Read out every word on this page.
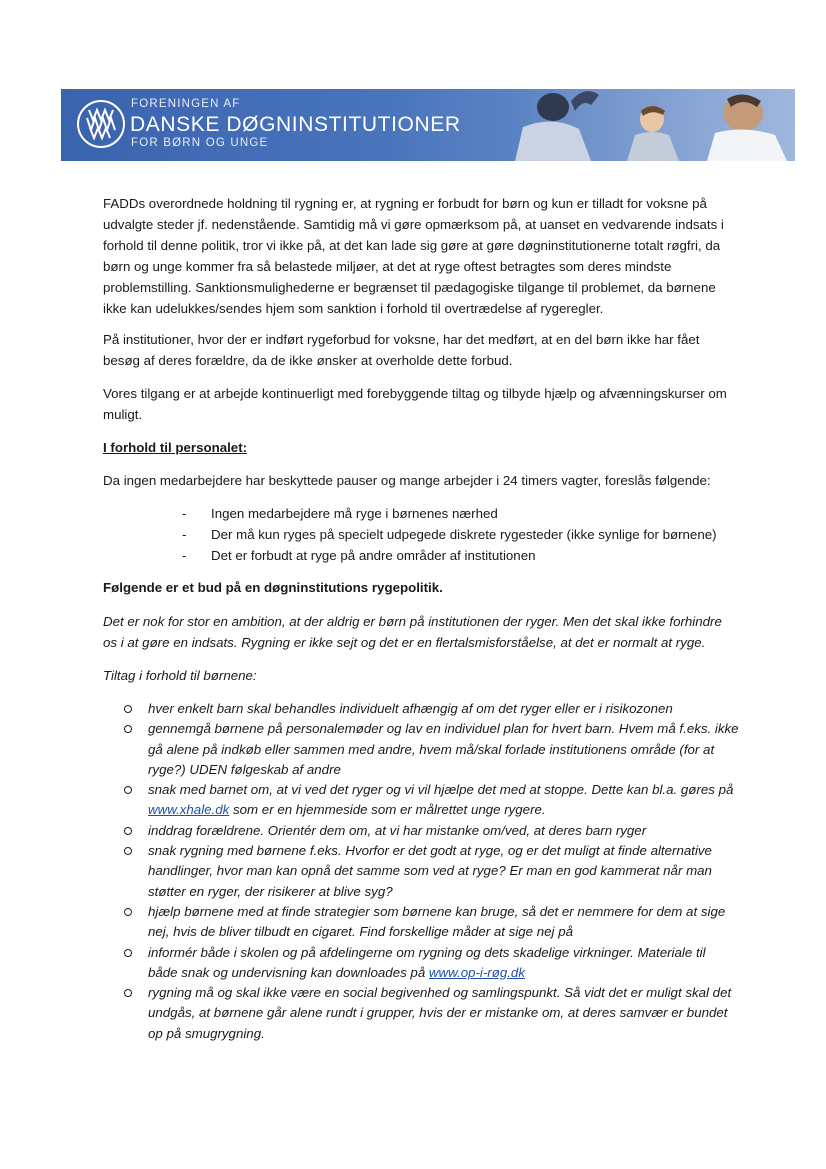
FORENINGEN AF
DANSKE DØGNINSTITUTIONER
FOR BØRN OG UNGE

FADDs overordnede holdning til rygning er, at rygning er forbudt for børn og kun er tilladt for voksne på

udvalgte steder jf. nedenstående. Samtidig må vi gøre opmærksom på, at uanset en vedvarende indsats i

forhold til denne politik, tror vi ikke på, at det kan lade sig gøre at gøre døgninstitutionerne totalt røgfri, da

børn og unge kommer fra så belastede miljøer, at det at ryge oftest betragtes som deres mindste

problemstilling. Sanktionsmulighederne er begrænset til pædagogiske tilgange til problemet, da børnene

ikke kan udelukkes/sendes hjem som sanktion i forhold til overtrædelse af rygeregler.

På institutioner, hvor der er indført rygeforbud for voksne, har det medført, at en del børn ikke har fået

besøg af deres forældre, da de ikke ønsker at overholde dette forbud.

Vores tilgang er at arbejde kontinuerligt med forebyggende tiltag og tilbyde hjælp og afvænningskurser om

muligt.

I forhold til personalet:

Da ingen medarbejdere har beskyttede pauser og mange arbejder i 24 timers vagter, foreslås følgende:

- Ingen medarbejdere må ryge i børnenes nærhed
- Der må kun ryges på specielt udpegede diskrete rygesteder (ikke synlige for børnene)
- Det er forbudt at ryge på andre områder af institutionen

Følgende er et bud på en døgninstitutions rygepolitik.

Det er nok for stor en ambition, at der aldrig er børn på institutionen der ryger. Men det skal ikke forhindre

os i at gøre en indsats. Rygning er ikke sejt og det er en flertalsmisforståelse, at det er normalt at ryge.

Tiltag i forhold til børnene:

hver enkelt barn skal behandles individuelt afhængig af om det ryger eller er i risikozonen
gennemgå børnene på personalemøder og lav en individuel plan for hvert barn. Hvem må f.eks. ikke
gå alene på indkøb eller sammen med andre, hvem må/skal forlade institutionens område (for at
ryge?) UDEN følgeskab af andre
snak med barnet om, at vi ved det ryger og vi vil hjælpe det med at stoppe. Dette kan bl.a. gøres på
www.xhale.dk som er en hjemmeside som er målrettet unge rygere.
inddrag forældrene. Orientér dem om, at vi har mistanke om/ved, at deres barn ryger
snak rygning med børnene f.eks. Hvorfor er det godt at ryge, og er det muligt at finde alternative
handlinger, hvor man kan opnå det samme som ved at ryge? Er man en god kammerat når man
støtter en ryger, der risikerer at blive syg?
hjælp børnene med at finde strategier som børnene kan bruge, så det er nemmere for dem at sige
nej, hvis de bliver tilbudt en cigaret. Find forskellige måder at sige nej på
informér både i skolen og på afdelingerne om rygning og dets skadelige virkninger. Materiale til
både snak og undervisning kan downloades på www.op-i-røg.dk
rygning må og skal ikke være en social begivenhed og samlingspunkt. Så vidt det er muligt skal det
undgås, at børnene går alene rundt i grupper, hvis der er mistanke om, at deres samvær er bundet
op på smugrygning.
